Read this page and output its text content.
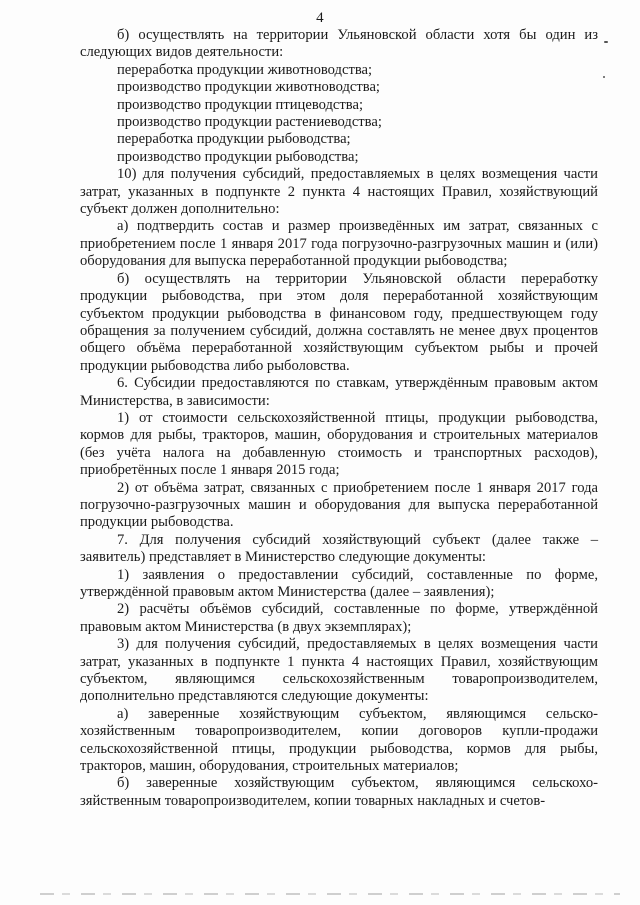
4

б) осуществлять на территории Ульяновской области хотя бы один из следующих видов деятельности:

переработка продукции животноводства;

производство продукции животноводства;

производство продукции птицеводства;

производство продукции растениеводства;

переработка продукции рыбоводства;

производство продукции рыбоводства;

10) для получения субсидий, предоставляемых в целях возмещения части затрат, указанных в подпункте 2 пункта 4 настоящих Правил, хозяйствующий субъект должен дополнительно:

а) подтвердить состав и размер произведённых им затрат, связанных с приобретением после 1 января 2017 года погрузочно-разгрузочных машин и (или) оборудования для выпуска переработанной продукции рыбоводства;

б) осуществлять на территории Ульяновской области переработку продукции рыбоводства, при этом доля переработанной хозяйствующим субъектом продукции рыбоводства в финансовом году, предшествующем году обращения за получением субсидий, должна составлять не менее двух процентов общего объёма переработанной хозяйствующим субъектом рыбы и прочей продукции рыбоводства либо рыболовства.

6. Субсидии предоставляются по ставкам, утверждённым правовым актом Министерства, в зависимости:

1) от стоимости сельскохозяйственной птицы, продукции рыбоводства, кормов для рыбы, тракторов, машин, оборудования и строительных материалов (без учёта налога на добавленную стоимость и транспортных расходов), приобретённых после 1 января 2015 года;

2) от объёма затрат, связанных с приобретением после 1 января 2017 года погрузочно-разгрузочных машин и оборудования для выпуска переработанной продукции рыбоводства.

7. Для получения субсидий хозяйствующий субъект (далее также – заявитель) представляет в Министерство следующие документы:

1) заявления о предоставлении субсидий, составленные по форме, утверждённой правовым актом Министерства (далее – заявления);

2) расчёты объёмов субсидий, составленные по форме, утверждённой правовым актом Министерства (в двух экземплярах);

3) для получения субсидий, предоставляемых в целях возмещения части затрат, указанных в подпункте 1 пункта 4 настоящих Правил, хозяйствующим субъектом, являющимся сельскохозяйственным товаропроизводителем, дополнительно представляются следующие документы:

а) заверенные хозяйствующим субъектом, являющимся сельско-хозяйственным товаропроизводителем, копии договоров купли-продажи сельскохозяйственной птицы, продукции рыбоводства, кормов для рыбы, тракторов, машин, оборудования, строительных материалов;

б) заверенные хозяйствующим субъектом, являющимся сельскохо-зяйственным товаропроизводителем, копии товарных накладных и счетов-
